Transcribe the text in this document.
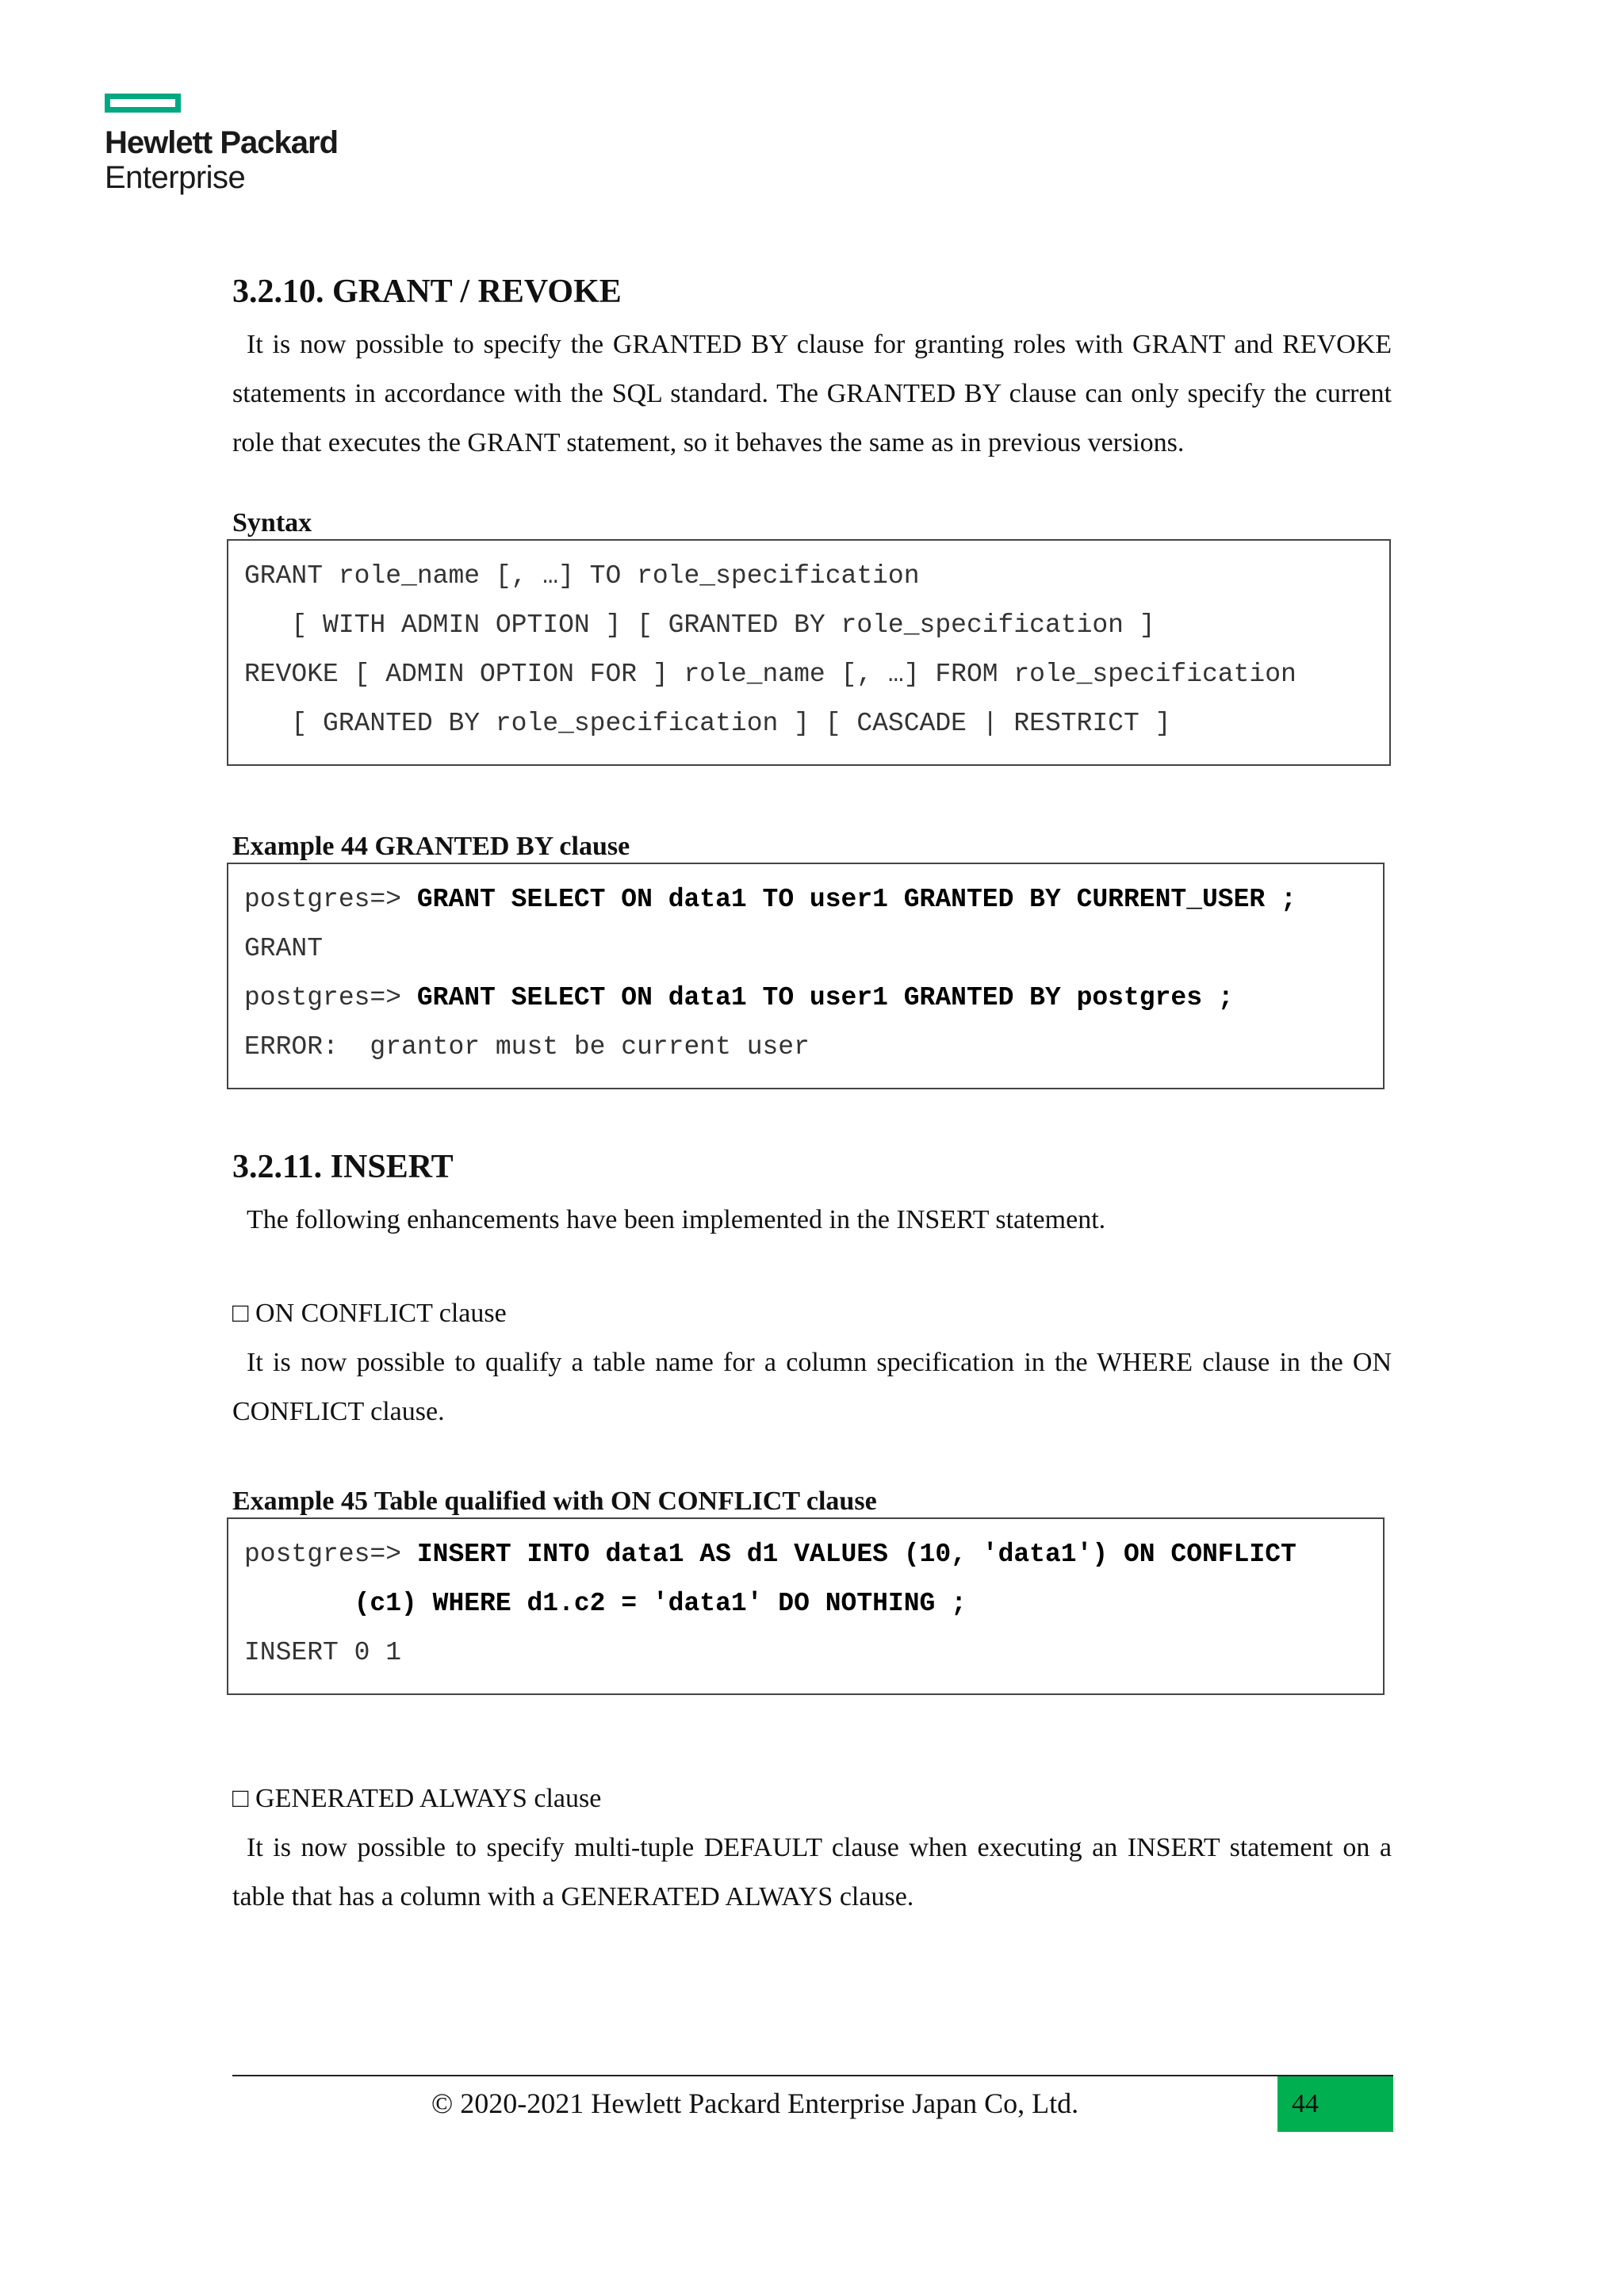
Hewlett Packard
Enterprise
3.2.10. GRANT / REVOKE

It is now possible to specify the GRANTED BY clause for granting roles with GRANT and REVOKE statements in accordance with the SQL standard. The GRANTED BY clause can only specify the current role that executes the GRANT statement, so it behaves the same as in previous versions.

Syntax
GRANT role_name [, …] TO role_specification
[ WITH ADMIN OPTION ] [ GRANTED BY role_specification ]
REVOKE [ ADMIN OPTION FOR ] role_name [, …] FROM role_specification
[ GRANTED BY role_specification ] [ CASCADE | RESTRICT ]
Example 44 GRANTED BY clause
postgres=> GRANT SELECT ON data1 TO user1 GRANTED BY CURRENT_USER ;
GRANT
postgres=> GRANT SELECT ON data1 TO user1 GRANTED BY postgres ;
ERROR:  grantor must be current user
3.2.11. INSERT

The following enhancements have been implemented in the INSERT statement.

□ ON CONFLICT clause

It is now possible to qualify a table name for a column specification in the WHERE clause in the ON CONFLICT clause.

Example 45 Table qualified with ON CONFLICT clause
postgres=> INSERT INTO data1 AS d1 VALUES (10, 'data1') ON CONFLICT
(c1) WHERE d1.c2 = 'data1' DO NOTHING ;
INSERT 0 1

□ GENERATED ALWAYS clause

It is now possible to specify multi-tuple DEFAULT clause when executing an INSERT statement on a table that has a column with a GENERATED ALWAYS clause.

© 2020-2021 Hewlett Packard Enterprise Japan Co, Ltd.	44
